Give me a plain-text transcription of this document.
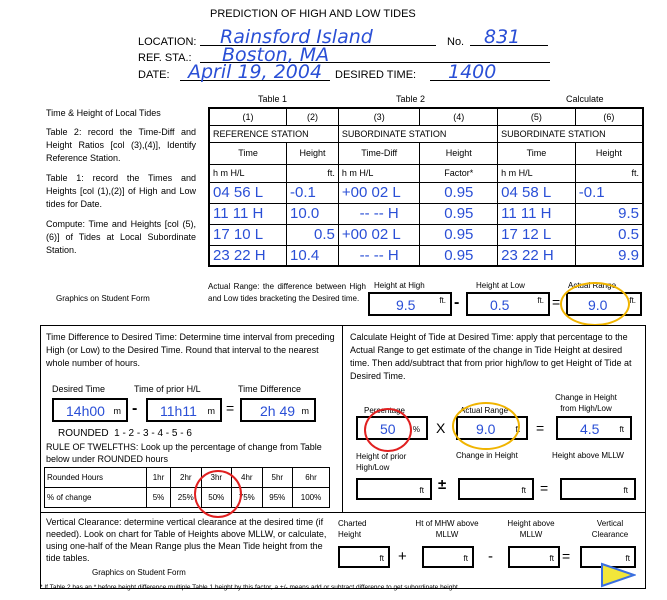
PREDICTION OF HIGH AND LOW TIDES
LOCATION:	Rainsford Island	No.	831
REF. STA.:	Boston, MA
DATE: April 19, 2004	DESIRED TIME:	1400
Time & Height of Local Tides
Table 2: record the Time-Diff and Height Ratios [col (3),(4)], Identify Reference Station.
Table 1: record the Times and Heights [col (1),(2)] of High and Low tides for Date.
Compute: Time and Heights [col (5),(6)] of Tides at Local Subordinate Station.
Graphics on Student Form
Table 1	Table 2	Calculate
(1)	(2)	(3)	(4)	(5)	(6)
REFERENCE STATION		SUBORDINATE STATION		SUBORDINATE STATION	
Time	Height	Time-Diff	Height	Time	Height
h m H/L	ft.	h m H/L	Factor*	h m H/L	ft.
04 56 L	-0.1	+00 02 L	0.95	04 58 L	-0.1
11 11 H	10.0	-- -- H	0.95	11 11 H	9.5
17 10 L	0.5	+00 02 L	0.95	17 12 L	0.5
23 22 H	10.4	-- -- H	0.95	23 22 H	9.9
Actual Range: the difference between High and Low tides bracketing the Desired time.
Height at High	Height at Low	Actual Range
9.5	ft. - 0.5	ft. = 9.0	ft.
Time Difference to Desired Time: Determine time interval from preceding High (or Low) to the Desired Time. Round that interval to the nearest whole number of hours.
Desired Time	Time of prior H/L	Time Difference
14h00 m - 11h11 m = 2h 49 m
ROUNDED  1 - 2 - 3 - 4 - 5 - 6
RULE OF TWELFTHS: Look up the percentage of change from Table below under ROUNDED hours
Rounded Hours	1hr	2hr	3hr	4hr	5hr	6hr
% of change	5%	25%	50%	75%	95%	100%
Calculate Height of Tide at Desired Time: apply that percentage to the Actual Range to get estimate of the change in Tide Height at desired time. Then add/subtract that from prior high/low to get Height of Tide at Desired Time.
Percentage	Actual Range
Change in Height from High/Low
50 % X 9.0	ft =	4.5	ft
Height of prior High/Low
Change in Height	Height above MLLW
ft ±	ft =	ft
Vertical Clearance: determine vertical clearance at the desired time (if needed). Look on chart for Table of Heights above MLLW, or calculate, using one-half of the Mean Range plus the Mean Tide height from the tide tables.
Graphics on Student Form
Charted Height
Ht of MHW above MLLW
Height above MLLW
Vertical Clearance
ft +	ft -	ft =	ft
* If Table 2 has an * before height difference multiple Table 1 height by this factor, a +/- means add or subtract difference to get subordinate height.
